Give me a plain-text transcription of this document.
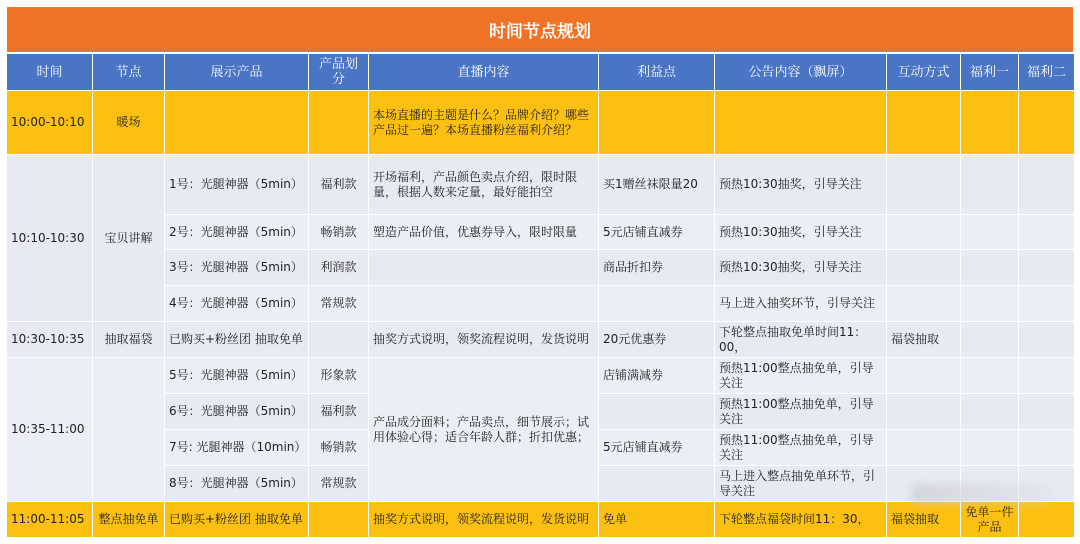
时间节点规划
时间	节点	展示产品	产品划分	直播内容	利益点	公告内容（飘屏）	互动方式	福利一	福利二
10:00-10:10	暖场			本场直播的主题是什么？品牌介绍？哪些产品过一遍？本场直播粉丝福利介绍？					
10:10-10:30	宝贝讲解	1号：光腿神器（5min）	福利款	开场福利，产品颜色卖点介绍，限时限量，根据人数来定量，最好能拍空	买1赠丝袜限量20	预热10:30抽奖，引导关注			
		2号：光腿神器（5min）	畅销款	塑造产品价值，优惠券导入，限时限量	5元店铺直减券	预热10:30抽奖，引导关注			
		3号：光腿神器（5min）	利润款		商品折扣券	预热10:30抽奖，引导关注			
		4号：光腿神器（5min）	常规款			马上进入抽奖环节，引导关注			
10:30-10:35	抽取福袋	已购买+粉丝团 抽取免单		抽奖方式说明，领奖流程说明，发货说明	20元优惠券	下轮整点抽取免单时间11：00，	福袋抽取		
10:35-11:00		5号：光腿神器（5min）	形象款	产品成分面料；产品卖点，细节展示；试用体验心得；适合年龄人群；折扣优惠；	店铺满减券	预热11:00整点抽免单，引导关注			
		6号：光腿神器（5min）	福利款			预热11:00整点抽免单，引导关注			
		7号: 光腿神器（10min）	畅销款		5元店铺直减券	预热11:00整点抽免单，引导关注			
		8号：光腿神器（5min）	常规款			马上进入整点抽免单环节，引导关注			
11:00-11:05	整点抽免单	已购买+粉丝团 抽取免单		抽奖方式说明，领奖流程说明，发货说明	免单	下轮整点福袋时间11：30，	福袋抽取	免单一件产品	
